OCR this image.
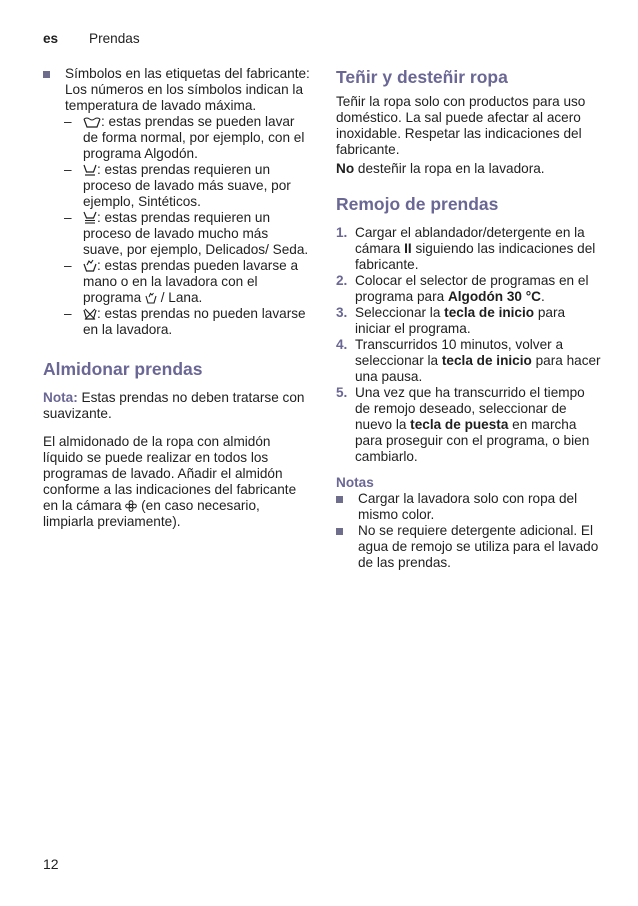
es Prendas

Símbolos en las etiquetas del fabricante: Los números en los símbolos indican la temperatura de lavado máxima.

– : estas prendas se pueden lavar de forma normal, por ejemplo, con el programa Algodón.
– : estas prendas requieren un proceso de lavado más suave, por ejemplo, Sintéticos.
– : estas prendas requieren un proceso de lavado mucho más suave, por ejemplo, Delicados/ Seda.
– : estas prendas pueden lavarse a mano o en la lavadora con el programa  / Lana.
– : estas prendas no pueden lavarse en la lavadora.
Almidonar prendas

Nota: Estas prendas no deben tratarse con suavizante.

El almidonado de la ropa con almidón líquido se puede realizar en todos los programas de lavado. Añadir el almidón conforme a las indicaciones del fabricante en la cámara  (en caso necesario, limpiarla previamente).

Teñir y desteñir ropa

Teñir la ropa solo con productos para uso doméstico. La sal puede afectar al acero inoxidable. Respetar las indicaciones del fabricante.

No desteñir la ropa en la lavadora.

Remojo de prendas
1. Cargar el ablandador/detergente en la cámara II siguiendo las indicaciones del fabricante.
2. Colocar el selector de programas en el programa para Algodón 30 °C.
3. Seleccionar la tecla de inicio para iniciar el programa.
4. Transcurridos 10 minutos, volver a seleccionar la tecla de inicio para hacer una pausa.
5. Una vez que ha transcurrido el tiempo de remojo deseado, seleccionar de nuevo la tecla de puesta en marcha para proseguir con el programa, o bien cambiarlo.

Notas

Cargar la lavadora solo con ropa del mismo color.
No se requiere detergente adicional. El agua de remojo se utiliza para el lavado de las prendas.
12
